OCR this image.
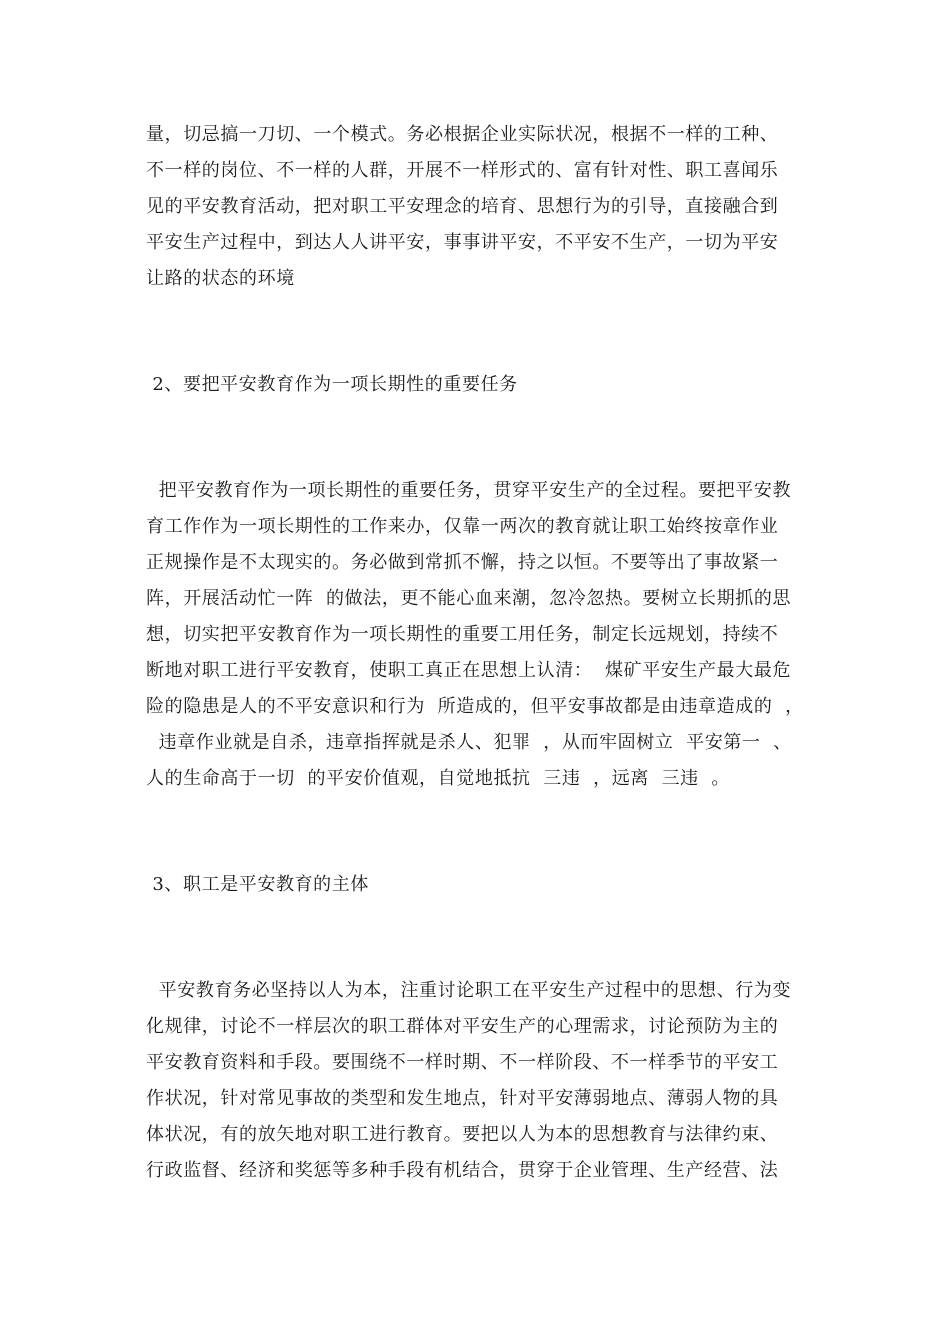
量，切忌搞一刀切、一个模式。务必根据企业实际状况，根据不一样的工种、
不一样的岗位、不一样的人群，开展不一样形式的、富有针对性、职工喜闻乐
见的平安教育活动，把对职工平安理念的培育、思想行为的引导，直接融合到
平安生产过程中，到达人人讲平安，事事讲平安，不平安不生产，一切为平安
让路的状态的环境
2、要把平安教育作为一项长期性的重要任务
把平安教育作为一项长期性的重要任务，贯穿平安生产的全过程。要把平安教
育工作作为一项长期性的工作来办，仅靠一两次的教育就让职工始终按章作业
正规操作是不太现实的。务必做到常抓不懈，持之以恒。不要等出了事故紧一
阵，开展活动忙一阵  的做法，更不能心血来潮，忽冷忽热。要树立长期抓的思
想，切实把平安教育作为一项长期性的重要工用任务，制定长远规划，持续不
断地对职工进行平安教育，使职工真正在思想上认清：  煤矿平安生产最大最危
险的隐患是人的不平安意识和行为  所造成的，但平安事故都是由违章造成的  ，
违章作业就是自杀，违章指挥就是杀人、犯罪  ，从而牢固树立  平安第一  、
人的生命高于一切  的平安价值观，自觉地抵抗  三违  ，远离  三违  。
3、职工是平安教育的主体
平安教育务必坚持以人为本，注重讨论职工在平安生产过程中的思想、行为变
化规律，讨论不一样层次的职工群体对平安生产的心理需求，讨论预防为主的
平安教育资料和手段。要围绕不一样时期、不一样阶段、不一样季节的平安工
作状况，针对常见事故的类型和发生地点，针对平安薄弱地点、薄弱人物的具
体状况，有的放矢地对职工进行教育。要把以人为本的思想教育与法律约束、
行政监督、经济和奖惩等多种手段有机结合，贯穿于企业管理、生产经营、法
